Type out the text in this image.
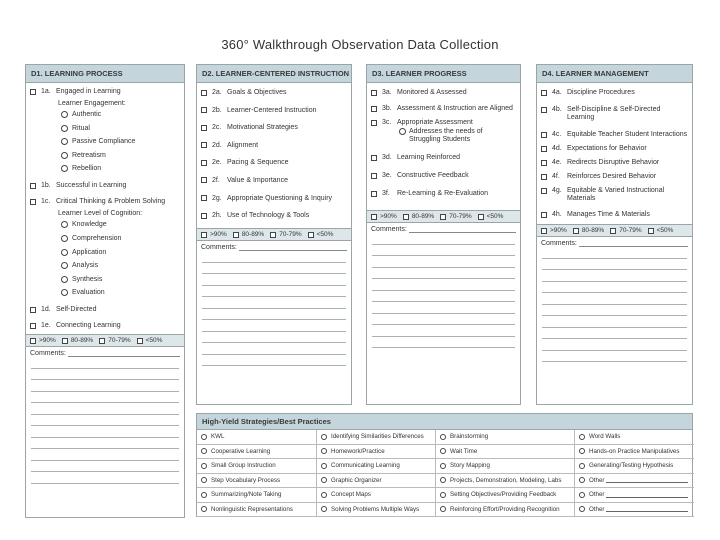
360° Walkthrough Observation Data Collection
D1. LEARNING PROCESS
1a. Engaged in Learning
Learner Engagement:
Authentic
Ritual
Passive Compliance
Retreatism
Rebellion
1b. Successful in Learning
1c. Critical Thinking & Problem Solving
Learner Level of Cognition:
Knowledge
Comprehension
Application
Analysis
Synthesis
Evaluation
1d. Self-Directed
1e. Connecting Learning
>90% 80-89% 70-79% <50%
Comments:
D2. LEARNER-CENTERED INSTRUCTION
2a. Goals & Objectives
2b. Learner-Centered Instruction
2c. Motivational Strategies
2d. Alignment
2e. Pacing & Sequence
2f. Value & Importance
2g. Appropriate Questioning & Inquiry
2h. Use of Technology & Tools
>90% 80-89% 70-79% <50%
Comments:
D3. LEARNER PROGRESS
3a. Monitored & Assessed
3b. Assessment & Instruction are Aligned
3c. Appropriate Assessment
Addresses the needs of Struggling Students
3d. Learning Reinforced
3e. Constructive Feedback
3f. Re-Learning & Re-Evaluation
>90% 80-89% 70-79% <50%
Comments:
D4. LEARNER MANAGEMENT
4a. Discipline Procedures
4b. Self-Discipline & Self-Directed Learning
4c. Equitable Teacher Student Interactions
4d. Expectations for Behavior
4e. Redirects Disruptive Behavior
4f. Reinforces Desired Behavior
4g. Equitable & Varied Instructional Materials
4h. Manages Time & Materials
>90% 80-89% 70-79% <50%
Comments:
High-Yield Strategies/Best Practices
KWL	Identifying Similarities Differences	Brainstorming	Word Walls
Cooperative Learning	Homework/Practice	Wait Time	Hands-on Practice Manipulatives
Small Group Instruction	Communicating Learning	Story Mapping	Generating/Testing Hypothesis
Step Vocabulary Process	Graphic Organizer	Projects, Demonstration, Modeling, Labs	Other
Summarizing/Note Taking	Concept Maps	Setting Objectives/Providing Feedback	Other
Nonlinguistic Representations	Solving Problems Multiple Ways	Reinforcing Effort/Providing Recognition	Other
